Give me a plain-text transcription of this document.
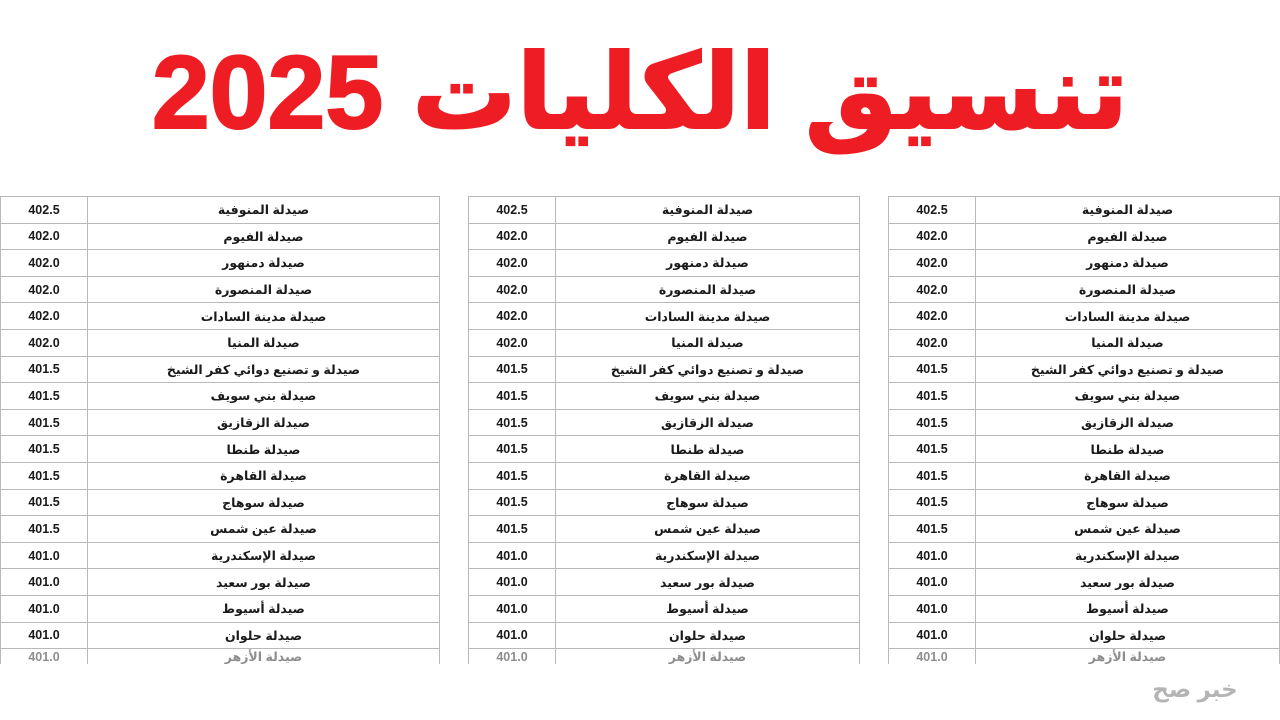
تنسيق الكليات 2025
صيدلة المنوفية	402.5
صيدلة الفيوم	402.0
صيدلة دمنهور	402.0
صيدلة المنصورة	402.0
صيدلة مدينة السادات	402.0
صيدلة المنيا	402.0
صيدلة و تصنيع دوائي كفر الشيخ	401.5
صيدلة بني سويف	401.5
صيدلة الزقازيق	401.5
صيدلة طنطا	401.5
صيدلة القاهرة	401.5
صيدلة سوهاج	401.5
صيدلة عين شمس	401.5
صيدلة الإسكندرية	401.0
صيدلة بور سعيد	401.0
صيدلة أسيوط	401.0
صيدلة حلوان	401.0
صيدلة الأزهر	401.0
صيدلة المنوفية	402.5
صيدلة الفيوم	402.0
صيدلة دمنهور	402.0
صيدلة المنصورة	402.0
صيدلة مدينة السادات	402.0
صيدلة المنيا	402.0
صيدلة و تصنيع دوائي كفر الشيخ	401.5
صيدلة بني سويف	401.5
صيدلة الزقازيق	401.5
صيدلة طنطا	401.5
صيدلة القاهرة	401.5
صيدلة سوهاج	401.5
صيدلة عين شمس	401.5
صيدلة الإسكندرية	401.0
صيدلة بور سعيد	401.0
صيدلة أسيوط	401.0
صيدلة حلوان	401.0
صيدلة الأزهر	401.0
صيدلة المنوفية	402.5
صيدلة الفيوم	402.0
صيدلة دمنهور	402.0
صيدلة المنصورة	402.0
صيدلة مدينة السادات	402.0
صيدلة المنيا	402.0
صيدلة و تصنيع دوائي كفر الشيخ	401.5
صيدلة بني سويف	401.5
صيدلة الزقازيق	401.5
صيدلة طنطا	401.5
صيدلة القاهرة	401.5
صيدلة سوهاج	401.5
صيدلة عين شمس	401.5
صيدلة الإسكندرية	401.0
صيدلة بور سعيد	401.0
صيدلة أسيوط	401.0
صيدلة حلوان	401.0
صيدلة الأزهر	401.0
خبر صح
